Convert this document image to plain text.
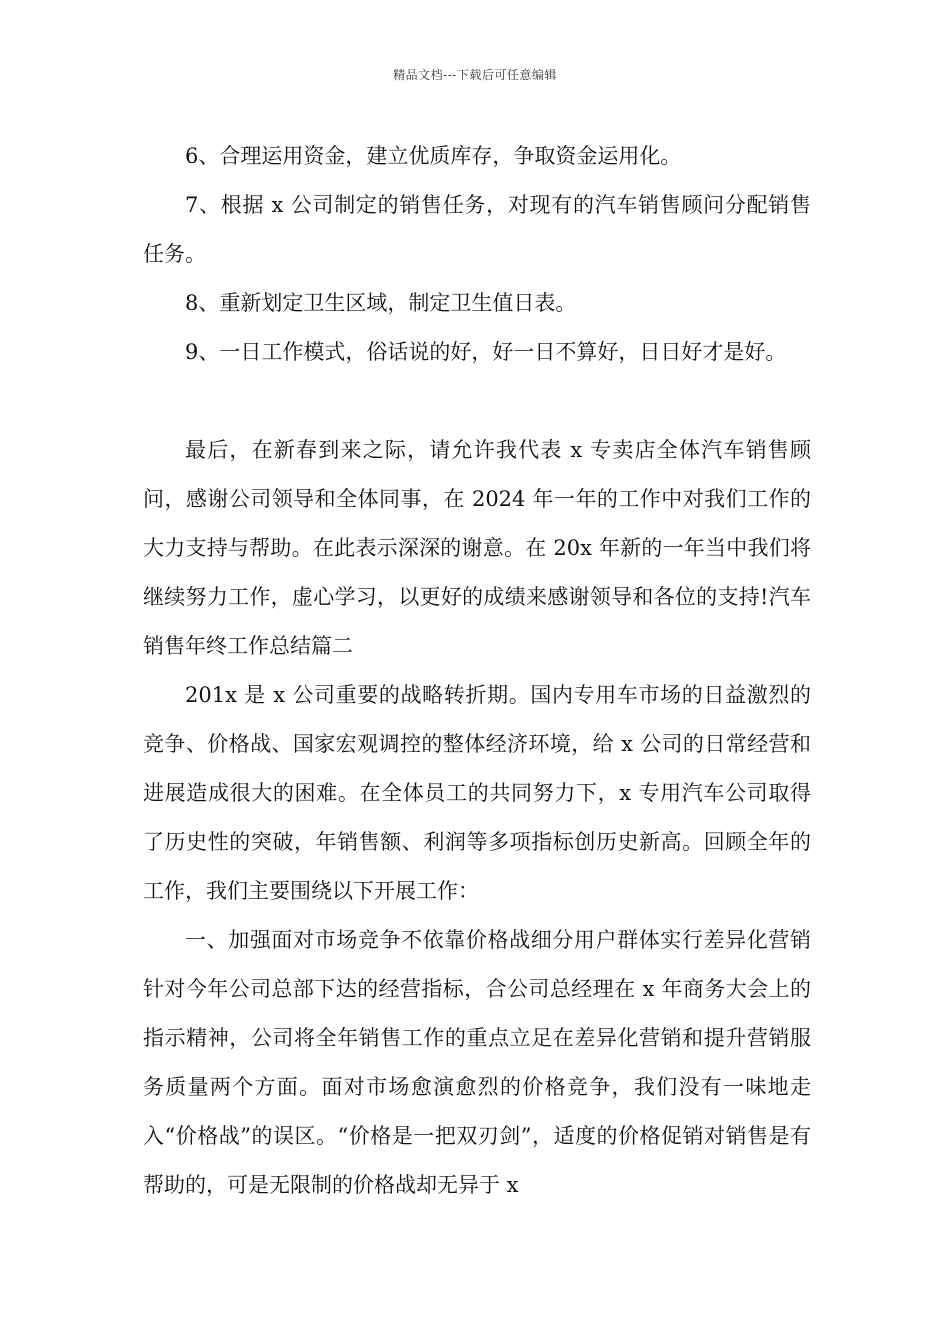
精品文档---下载后可任意编辑

6、合理运用资金，建立优质库存，争取资金运用化。

7、根据 x 公司制定的销售任务，对现有的汽车销售顾问分配销售任务。

8、重新划定卫生区域，制定卫生值日表。

9、一日工作模式，俗话说的好，好一日不算好，日日好才是好。

最后，在新春到来之际，请允许我代表 x 专卖店全体汽车销售顾问，感谢公司领导和全体同事，在 2024 年一年的工作中对我们工作的大力支持与帮助。在此表示深深的谢意。在 20x 年新的一年当中我们将继续努力工作，虚心学习，以更好的成绩来感谢领导和各位的支持!汽车销售年终工作总结篇二

201x 是 x 公司重要的战略转折期。国内专用车市场的日益激烈的竞争、价格战、国家宏观调控的整体经济环境，给 x 公司的日常经营和进展造成很大的困难。在全体员工的共同努力下，x 专用汽车公司取得了历史性的突破，年销售额、利润等多项指标创历史新高。回顾全年的工作，我们主要围绕以下开展工作：

一、加强面对市场竞争不依靠价格战细分用户群体实行差异化营销针对今年公司总部下达的经营指标，合公司总经理在 x 年商务大会上的指示精神，公司将全年销售工作的重点立足在差异化营销和提升营销服务质量两个方面。面对市场愈演愈烈的价格竞争，我们没有一味地走入“价格战”的误区。“价格是一把双刃剑”，适度的价格促销对销售是有帮助的，可是无限制的价格战却无异于 x
